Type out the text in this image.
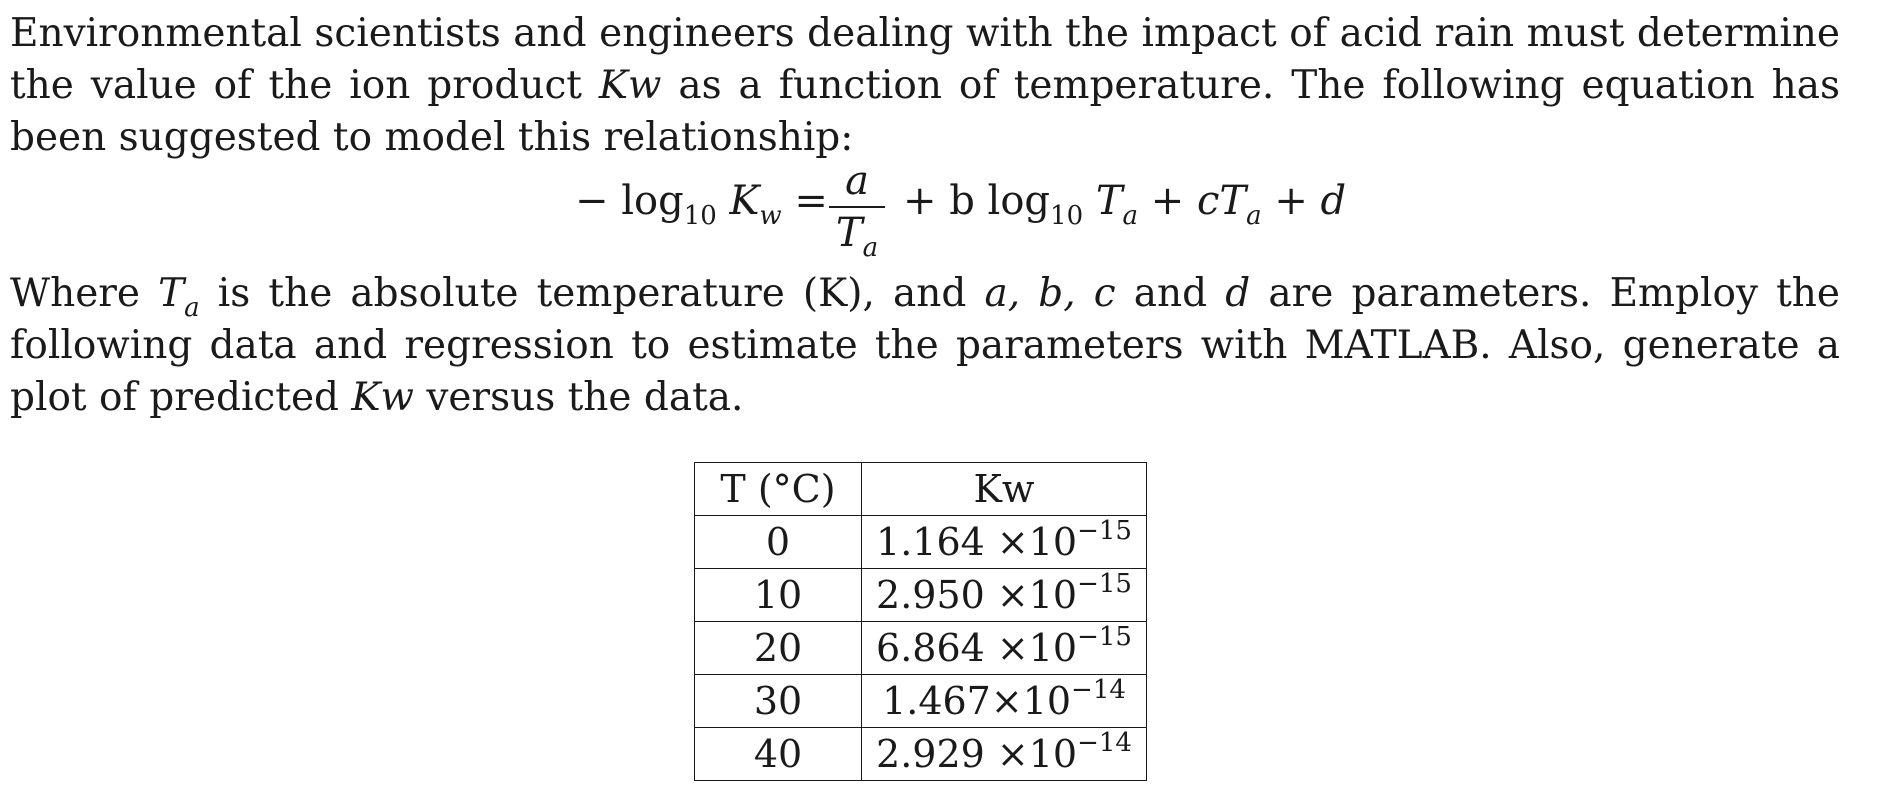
Environmental scientists and engineers dealing with the impact of acid rain must determine the value of the ion product Kw as a function of temperature. The following equation has been suggested to model this relationship:
− $\log_{10} K_w = a$
$T_a$
+ b $\log_{10} T_a + cT_a + d$
Where $T_a$ is the absolute temperature (K), and a, b, c and d are parameters. Employ the following data and regression to estimate the parameters with MATLAB. Also, generate a plot of predicted Kw versus the data.
T (°C)	Kw
0	$1.164 \times 10^{-15}$
10	$2.950 \times 10^{-15}$
20	$6.864 \times 10^{-15}$
30	$1.467\times 10^{-14}$
40	$2.929 \times 10^{-14}$
